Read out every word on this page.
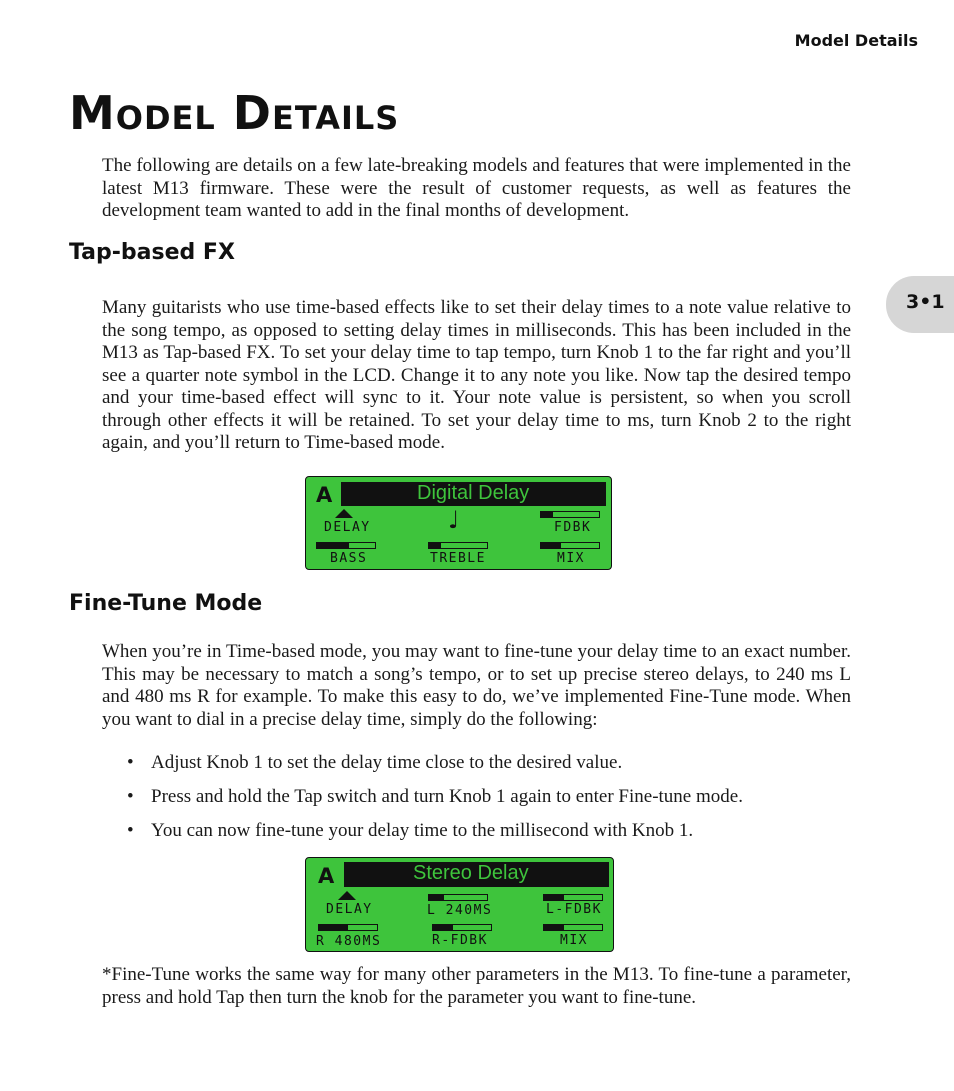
Model Details
3•1
Model Details

The following are details on a few late-breaking models and features that were implemented in the latest M13 firmware. These were the result of customer requests, as well as features the development team wanted to add in the final months of development.

Tap-based FX

Many guitarists who use time-based effects like to set their delay times to a note value relative to the song tempo, as opposed to setting delay times in milliseconds. This has been included in the M13 as Tap-based FX. To set your delay time to tap tempo, turn Knob 1 to the far right and you’ll see a quarter note symbol in the LCD. Change it to any note you like. Now tap the desired tempo and your time-based effect will sync to it. Your note value is persistent, so when you scroll through other effects it will be retained. To set your delay time to ms, turn Knob 2 to the right again, and you’ll return to Time-based mode.

A	Digital Delay
DELAY	♩	FDBK
BASS	TREBLE	MIX
Fine-Tune Mode

When you’re in Time-based mode, you may want to fine-tune your delay time to an exact number. This may be necessary to match a song’s tempo, or to set up precise stereo delays, to 240 ms L and 480 ms R for example. To make this easy to do, we’ve implemented Fine-Tune mode. When you want to dial in a precise delay time, simply do the following:

• Adjust Knob 1 to set the delay time close to the desired value.
• Press and hold the Tap switch and turn Knob 1 again to enter Fine-tune mode.
• You can now fine-tune your delay time to the millisecond with Knob 1.
A	Stereo Delay
DELAY	L 240MS	L-FDBK
R 480MS	R-FDBK	MIX

*Fine-Tune works the same way for many other parameters in the M13. To fine-tune a parameter, press and hold Tap then turn the knob for the parameter you want to fine-tune.
